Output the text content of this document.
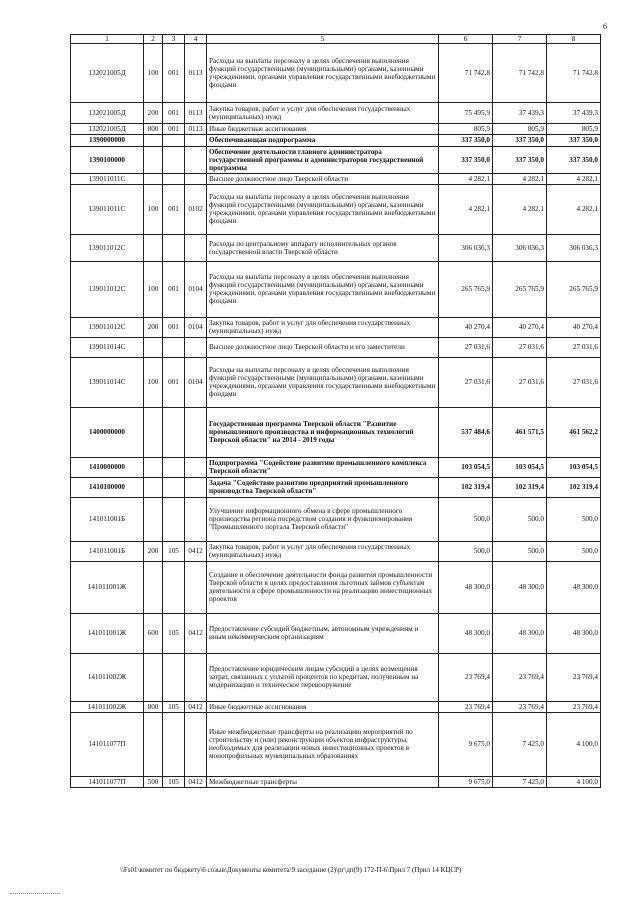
6
1	2	3	4	5	6	7	8
132021005Д	100	001	0113	Расходы на выплаты персоналу в целях обеспечения выполнения функций государственными (муниципальными) органами, казенными учреждениями, органами управления государственными внебюджетными фондами	71 742,8	71 742,8	71 742,8
132021005Д	200	001	0113	Закупка товаров, работ и услуг для обеспечения государственных (муниципальных) нужд	75 495,9	37 439,3	37 439,3
132021005Д	800	001	0113	Иные бюджетные ассигнования	805,9	805,9	805,9
1390000000				Обеспечивающая подпрограмма	337 350,0	337 350,0	337 350,0
1390100000				Обеспечение деятельности главного администратора государственной программы и администраторов государственной программы	337 350,0	337 350,0	337 350,0
139011011С				Высшее должностное лицо Тверской области	4 282,1	4 282,1	4 282,1
139011011С	100	001	0102	Расходы на выплаты персоналу в целях обеспечения выполнения функций государственными (муниципальными) органами, казенными учреждениями, органами управления государственными внебюджетными фондами	4 282,1	4 282,1	4 282,1
139011012С				Расходы по центральному аппарату исполнительных органов государственной власти Тверской области	306 036,3	306 036,3	306 036,3
139011012С	100	001	0104	Расходы на выплаты персоналу в целях обеспечения выполнения функций государственными (муниципальными) органами, казенными учреждениями, органами управления государственными внебюджетными фондами	265 765,9	265 765,9	265 765,9
139011012С	200	001	0104	Закупка товаров, работ и услуг для обеспечения государственных (муниципальных) нужд	40 270,4	40 270,4	40 270,4
139011014С				Высшее должностное лицо Тверской области и его заместители	27 031,6	27 031,6	27 031,6
139011014С	100	001	0104	Расходы на выплаты персоналу в целях обеспечения выполнения функций государственными (муниципальными) органами, казенными учреждениями, органами управления государственными внебюджетными фондами	27 031,6	27 031,6	27 031,6
1400000000				Государственная программа Тверской области "Развитие промышленного производства и информационных технологий Тверской области" на 2014 - 2019 годы	537 484,6	461 571,5	461 562,2
1410000000				Подпрограмма "Содействие развитию промышленного комплекса Тверской области"	103 054,5	103 054,5	103 054,5
1410100000				Задача "Содействие развитию предприятий промышленного производства Тверской области"	102 319,4	102 319,4	102 319,4
141011001Б				Улучшение информационного обмена в сфере промышленного производства региона посредством создания и функционирования "Промышленного портала Тверской области"	500,0	500,0	500,0
141011001Б	200	105	0412	Закупка товаров, работ и услуг для обеспечения государственных (муниципальных) нужд	500,0	500,0	500,0
141011001Ж				Создание и обеспечение деятельности фонда развития промышленности Тверской области в целях предоставления льготных займов субъектам деятельности в сфере промышленности на реализацию инвестиционных проектов	48 300,0	48 300,0	48 300,0
141011001Ж	600	105	0412	Предоставление субсидий бюджетным, автономным учреждениям и иным некоммерческим организациям	48 300,0	48 300,0	48 300,0
141011002Ж				Предоставление юридическим лицам субсидий в целях возмещения затрат, связанных с уплатой процентов по кредитам, полученным на модернизацию и техническое перевооружение	23 769,4	23 769,4	23 769,4
141011002Ж	800	105	0412	Иные бюджетные ассигнования	23 769,4	23 769,4	23 769,4
141011077П				Иные межбюджетные трансферты на реализацию мероприятий по строительству и (или) реконструкции объектов инфраструктуры, необходимых для реализации новых инвестиционных проектов в монопрофильных муниципальных образованиях	9 675,0	7 425,0	4 100,0
141011077П	500	105	0412	Межбюджетные трансферты	9 675,0	7 425,0	4 100,0
\\Fs01\комитет по бюджету\6 созыв\Документы комитета\9 заседание (2)\рг\дп(9) 172-П-6\Прил 7 (Прил 14 КЦСР)
